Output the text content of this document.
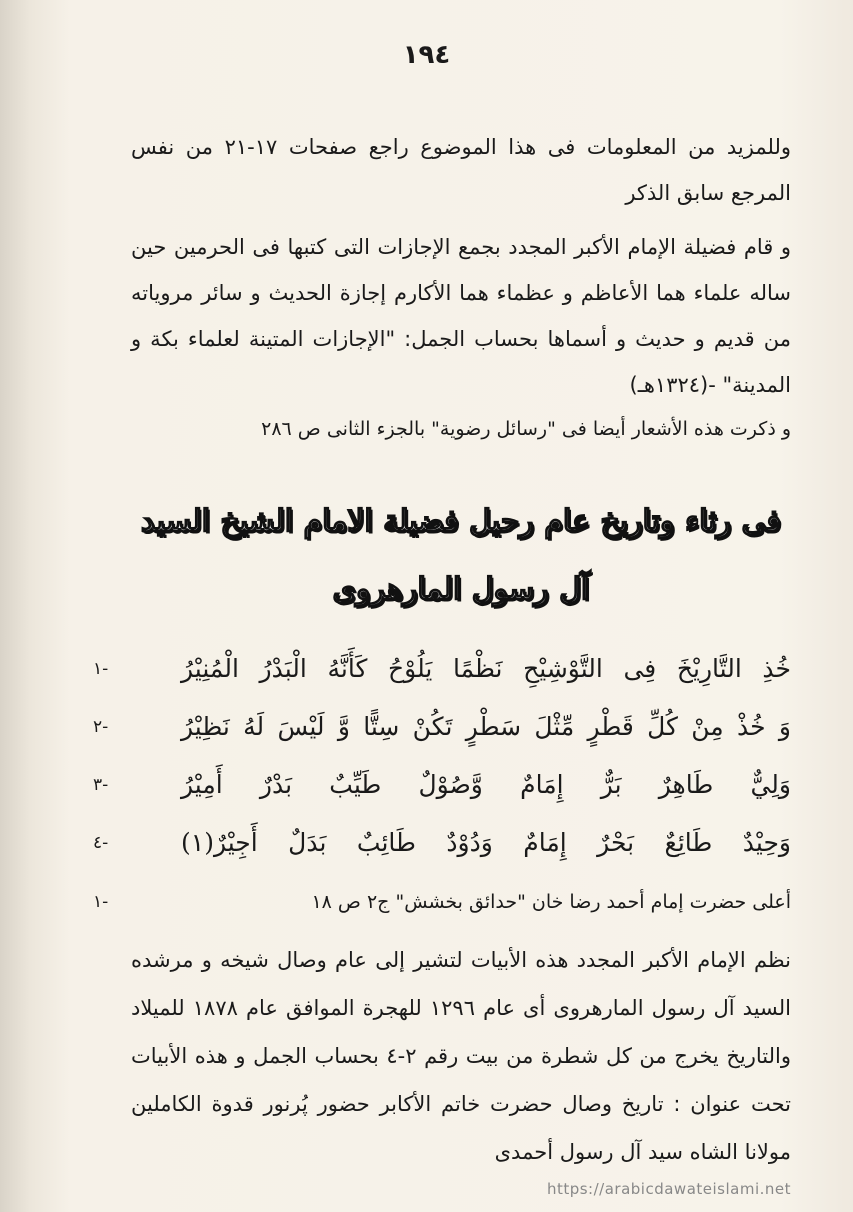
١٩٤
وللمزيد من المعلومات فى هذا الموضوع راجع صفحات ١٧-٢١ من نفس المرجع سابق الذكر
و قام فضيلة الإمام الأكبر المجدد بجمع الإجازات التى كتبها فى الحرمين حين ساله علماء هما الأعاظم و عظماء هما الأكارم إجازة الحديث و سائر مروياته من قديم و حديث و أسماها بحساب الجمل: "الإجازات المتينة لعلماء بكة و المدينة" -(١٣٢٤هـ)
و ذكرت هذه الأشعار أيضا فى "رسائل رضوية" بالجزء الثانى ص ٢٨٦
فى رثاء وتاريخ عام رحيل فضيلة الامام الشيخ السيد
آل رسول المارهروى
خُذِ التَّارِيْخَ فِى التَّوْشِيْحِ نَظْمًا يَلُوْحُ كَأَنَّهُ الْبَدْرُ الْمُنِيْرُ
١-
وَ خُذْ مِنْ كُلِّ قَطْرٍ مِّثْلَ سَطْرٍ تَكُنْ سِتًّا وَّ لَيْسَ لَهُ نَظِيْرُ
٢-
وَلِيٌّ طَاهِرٌ بَرٌّ إِمَامٌ وَّصُوْلٌ طَيِّبٌ بَدْرٌ أَمِيْرُ
٣-
وَحِيْدٌ طَائِعٌ بَحْرٌ إِمَامٌ وَدُوْدٌ طَائِبٌ بَدَلٌ أَجِيْرٌ(١)
٤-
أعلى حضرت إمام أحمد رضا خان "حدائق بخشش" ج٢ ص ١٨
١-
نظم الإمام الأكبر المجدد هذه الأبيات لتشير إلى عام وصال شيخه و مرشده السيد آل رسول المارهروى أى عام ١٢٩٦ للهجرة الموافق عام ١٨٧٨ للميلاد والتاريخ يخرج من كل شطرة من بيت رقم ٢-٤ بحساب الجمل و هذه الأبيات تحت عنوان : تاريخ وصال حضرت خاتم الأكابر حضور پُرنور قدوة الكاملين مولانا الشاه سيد آل رسول أحمدى
https://arabicdawateislami.net
